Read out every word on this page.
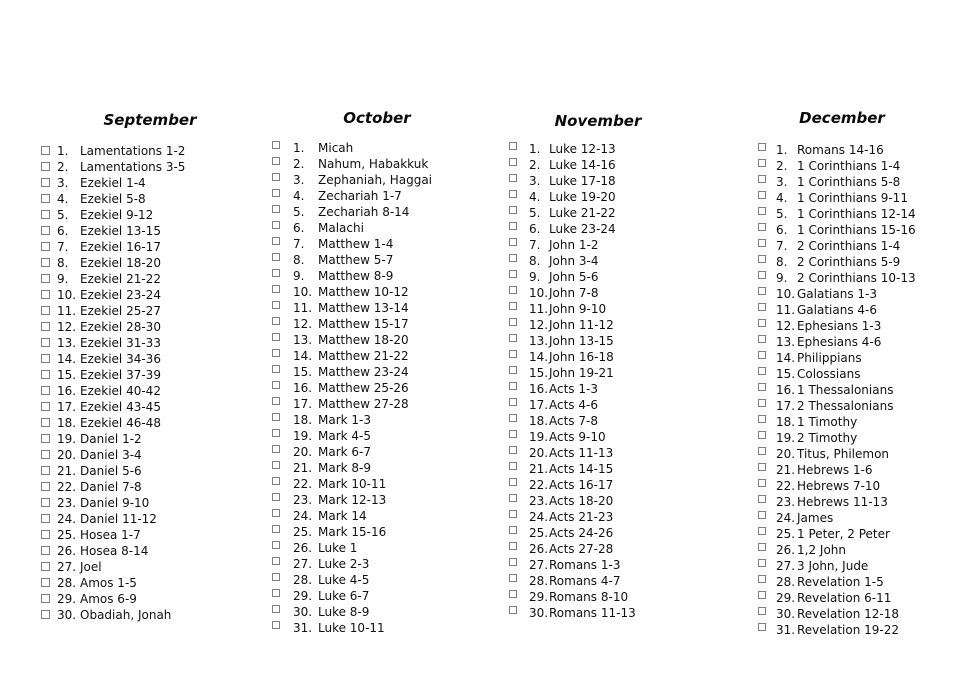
September
1. Lamentations 1-2
2. Lamentations 3-5
3. Ezekiel 1-4
4. Ezekiel 5-8
5. Ezekiel 9-12
6. Ezekiel 13-15
7. Ezekiel 16-17
8. Ezekiel 18-20
9. Ezekiel 21-22
10. Ezekiel 23-24
11. Ezekiel 25-27
12. Ezekiel 28-30
13. Ezekiel 31-33
14. Ezekiel 34-36
15. Ezekiel 37-39
16. Ezekiel 40-42
17. Ezekiel 43-45
18. Ezekiel 46-48
19. Daniel 1-2
20. Daniel 3-4
21. Daniel 5-6
22. Daniel 7-8
23. Daniel 9-10
24. Daniel 11-12
25. Hosea 1-7
26. Hosea 8-14
27. Joel
28. Amos 1-5
29. Amos 6-9
30. Obadiah, Jonah
October
1. Micah
2. Nahum, Habakkuk
3. Zephaniah, Haggai
4. Zechariah 1-7
5. Zechariah 8-14
6. Malachi
7. Matthew 1-4
8. Matthew 5-7
9. Matthew 8-9
10. Matthew 10-12
11. Matthew 13-14
12. Matthew 15-17
13. Matthew 18-20
14. Matthew 21-22
15. Matthew 23-24
16. Matthew 25-26
17. Matthew 27-28
18. Mark 1-3
19. Mark 4-5
20. Mark 6-7
21. Mark 8-9
22. Mark 10-11
23. Mark 12-13
24. Mark 14
25. Mark 15-16
26. Luke 1
27. Luke 2-3
28. Luke 4-5
29. Luke 6-7
30. Luke 8-9
31. Luke 10-11
November
1. Luke 12-13
2. Luke 14-16
3. Luke 17-18
4. Luke 19-20
5. Luke 21-22
6. Luke 23-24
7. John 1-2
8. John 3-4
9. John 5-6
10.John 7-8
11.John 9-10
12.John 11-12
13.John 13-15
14.John 16-18
15.John 19-21
16.Acts 1-3
17.Acts 4-6
18.Acts 7-8
19.Acts 9-10
20.Acts 11-13
21.Acts 14-15
22.Acts 16-17
23.Acts 18-20
24.Acts 21-23
25.Acts 24-26
26.Acts 27-28
27.Romans 1-3
28.Romans 4-7
29.Romans 8-10
30.Romans 11-13
December
1. Romans 14-16
2. 1 Corinthians 1-4
3. 1 Corinthians 5-8
4. 1 Corinthians 9-11
5. 1 Corinthians 12-14
6. 1 Corinthians 15-16
7. 2 Corinthians 1-4
8. 2 Corinthians 5-9
9. 2 Corinthians 10-13
10. Galatians 1-3
11. Galatians 4-6
12. Ephesians 1-3
13. Ephesians 4-6
14. Philippians
15. Colossians
16. 1 Thessalonians
17. 2 Thessalonians
18. 1 Timothy
19. 2 Timothy
20. Titus, Philemon
21. Hebrews 1-6
22. Hebrews 7-10
23. Hebrews 11-13
24. James
25. 1 Peter, 2 Peter
26. 1,2 John
27. 3 John, Jude
28. Revelation 1-5
29. Revelation 6-11
30. Revelation 12-18
31. Revelation 19-22
